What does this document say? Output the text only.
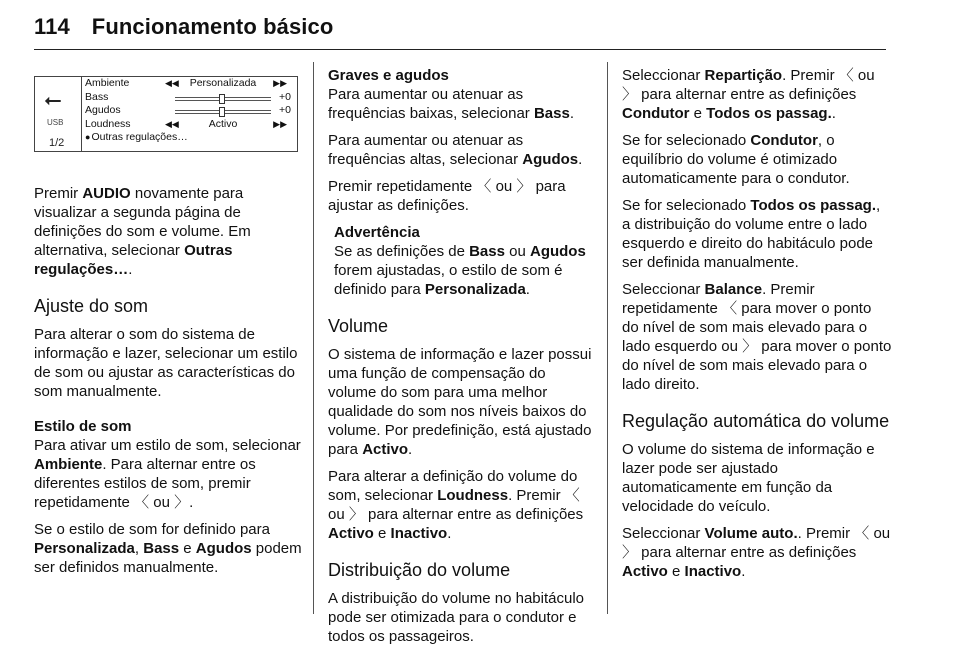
114 Funcionamento básico
⭠
USB
1/2
Ambiente	◀◀	Personalizada	▶▶
Bass	+0
Agudos	+0
Loudness	◀◀	Activo	▶▶
● Outras regulações…

Premir AUDIO novamente para visualizar a segunda página de definições do som e volume. Em alternativa, selecionar Outras regulações….

Ajuste do som

Para alterar o som do sistema de informação e lazer, selecionar um estilo de som ou ajustar as características do som manualmente.

Estilo de som

Para ativar um estilo de som, selecionar Ambiente. Para alternar entre os diferentes estilos de som, premir repetidamente 〈 ou 〉.

Se o estilo de som for definido para Personalizada, Bass e Agudos podem ser definidos manualmente.

Graves e agudos

Para aumentar ou atenuar as frequências baixas, selecionar Bass.

Para aumentar ou atenuar as frequências altas, selecionar Agudos.

Premir repetidamente 〈 ou 〉 para ajustar as definições.

Advertência

Se as definições de Bass ou Agudos forem ajustadas, o estilo de som é definido para Personalizada.

Volume

O sistema de informação e lazer possui uma função de compensação do volume do som para uma melhor qualidade do som nos níveis baixos do volume. Por predefinição, está ajustado para Activo.

Para alterar a definição do volume do som, selecionar Loudness. Premir 〈 ou 〉 para alternar entre as definições Activo e Inactivo.

Distribuição do volume

A distribuição do volume no habitáculo pode ser otimizada para o condutor e todos os passageiros.

Seleccionar Repartição. Premir 〈 ou 〉 para alternar entre as definições Condutor e Todos os passag..

Se for selecionado Condutor, o equilíbrio do volume é otimizado automaticamente para o condutor.

Se for selecionado Todos os passag., a distribuição do volume entre o lado esquerdo e direito do habitáculo pode ser definida manualmente.

Seleccionar Balance. Premir repetidamente 〈 para mover o ponto do nível de som mais elevado para o lado esquerdo ou 〉 para mover o ponto do nível de som mais elevado para o lado direito.

Regulação automática do volume

O volume do sistema de informação e lazer pode ser ajustado automaticamente em função da velocidade do veículo.

Seleccionar Volume auto.. Premir 〈 ou 〉 para alternar entre as definições Activo e Inactivo.
